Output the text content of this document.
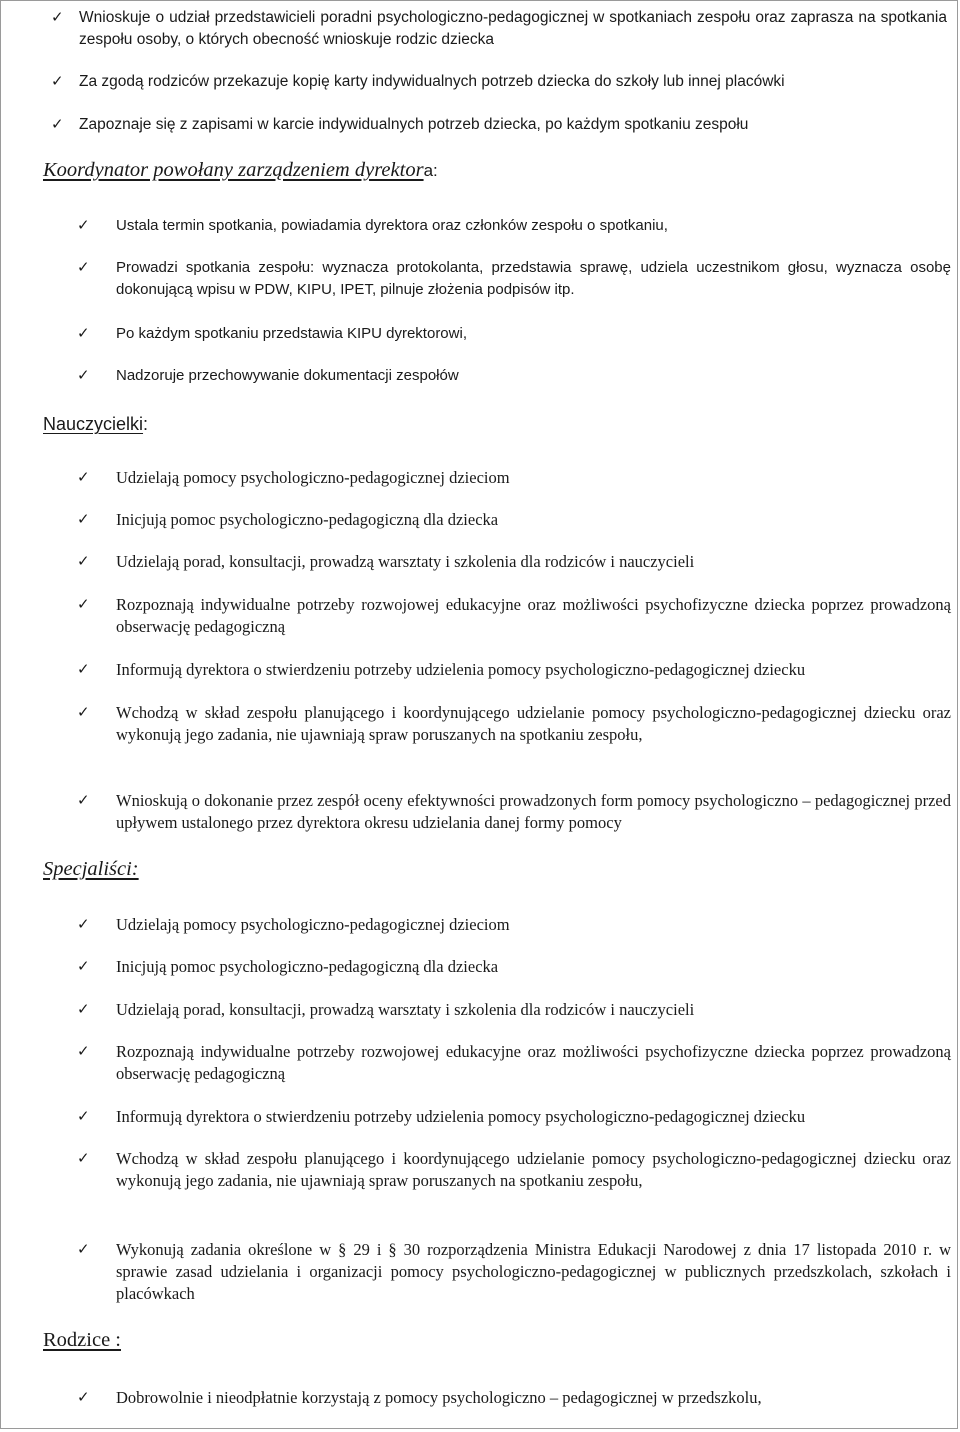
✓ Wnioskuje o udział przedstawicieli poradni psychologiczno-pedagogicznej w spotkaniach zespołu oraz zaprasza na spotkania zespołu osoby, o których obecność wnioskuje rodzic dziecka
✓ Za zgodą rodziców przekazuje kopię karty indywidualnych potrzeb dziecka do szkoły lub innej placówki
✓ Zapoznaje się z zapisami w karcie indywidualnych potrzeb dziecka, po każdym spotkaniu zespołu
Koordynator powołany zarządzeniem dyrektora:
✓ Ustala termin spotkania, powiadamia dyrektora oraz członków zespołu o spotkaniu,
✓ Prowadzi spotkania zespołu: wyznacza protokolanta, przedstawia sprawę, udziela uczestnikom głosu, wyznacza osobę dokonującą wpisu w PDW, KIPU, IPET, pilnuje złożenia podpisów itp.
✓ Po każdym spotkaniu przedstawia KIPU dyrektorowi,
✓ Nadzoruje przechowywanie dokumentacji zespołów
Nauczycielki:
✓ Udzielają pomocy psychologiczno-pedagogicznej dzieciom
✓ Inicjują pomoc psychologiczno-pedagogiczną dla dziecka
✓ Udzielają porad, konsultacji, prowadzą warsztaty i szkolenia dla rodziców i nauczycieli
✓ Rozpoznają indywidualne potrzeby rozwojowej edukacyjne oraz możliwości psychofizyczne dziecka poprzez prowadzoną obserwację pedagogiczną
✓ Informują dyrektora o stwierdzeniu potrzeby udzielenia pomocy psychologiczno-pedagogicznej dziecku
✓ Wchodzą w skład zespołu planującego i koordynującego udzielanie pomocy psychologiczno-pedagogicznej dziecku oraz wykonują jego zadania, nie ujawniają spraw poruszanych na spotkaniu zespołu,
✓ Wnioskują o dokonanie przez zespół oceny efektywności prowadzonych form pomocy psychologiczno – pedagogicznej przed upływem ustalonego przez dyrektora okresu udzielania danej formy pomocy
Specjaliści:
✓ Udzielają pomocy psychologiczno-pedagogicznej dzieciom
✓ Inicjują pomoc psychologiczno-pedagogiczną dla dziecka
✓ Udzielają porad, konsultacji, prowadzą warsztaty i szkolenia dla rodziców i nauczycieli
✓ Rozpoznają indywidualne potrzeby rozwojowej edukacyjne oraz możliwości psychofizyczne dziecka poprzez prowadzoną obserwację pedagogiczną
✓ Informują dyrektora o stwierdzeniu potrzeby udzielenia pomocy psychologiczno-pedagogicznej dziecku
✓ Wchodzą w skład zespołu planującego i koordynującego udzielanie pomocy psychologiczno-pedagogicznej dziecku oraz wykonują jego zadania, nie ujawniają spraw poruszanych na spotkaniu zespołu,
✓ Wykonują zadania określone w § 29 i § 30 rozporządzenia Ministra Edukacji Narodowej z dnia 17 listopada 2010 r. w sprawie zasad udzielania i organizacji pomocy psychologiczno-pedagogicznej w publicznych przedszkolach, szkołach i placówkach
Rodzice :
✓ Dobrowolnie i nieodpłatnie korzystają z pomocy psychologiczno – pedagogicznej w przedszkolu,
